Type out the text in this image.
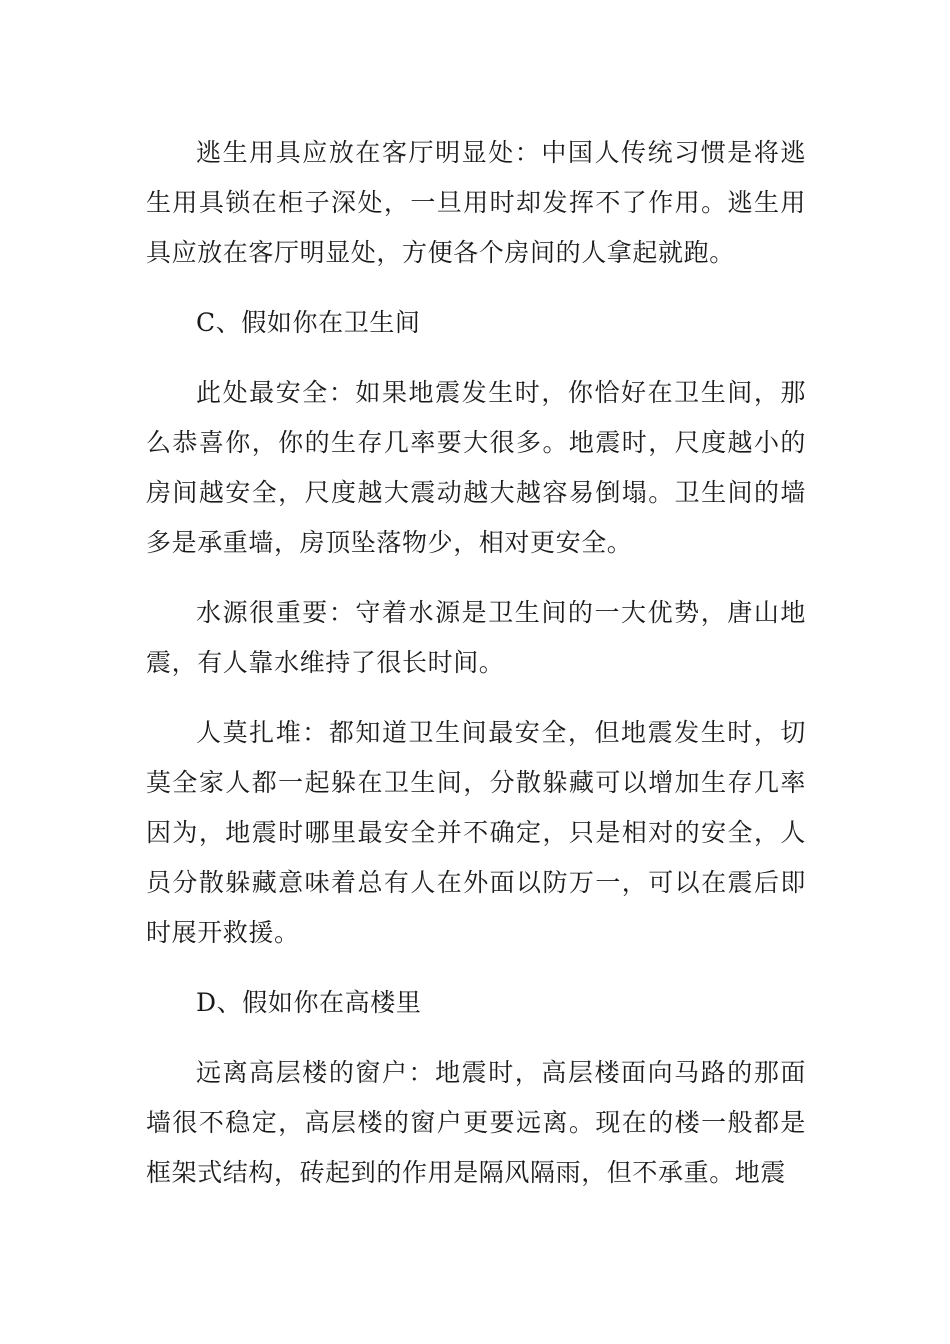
逃生用具应放在客厅明显处：中国人传统习惯是将逃生用具锁在柜子深处，一旦用时却发挥不了作用。逃生用具应放在客厅明显处，方便各个房间的人拿起就跑。

C、假如你在卫生间

此处最安全：如果地震发生时，你恰好在卫生间，那么恭喜你，你的生存几率要大很多。地震时，尺度越小的房间越安全，尺度越大震动越大越容易倒塌。卫生间的墙多是承重墙，房顶坠落物少，相对更安全。

水源很重要：守着水源是卫生间的一大优势，唐山地震，有人靠水维持了很长时间。

人莫扎堆：都知道卫生间最安全，但地震发生时，切莫全家人都一起躲在卫生间，分散躲藏可以增加生存几率因为，地震时哪里最安全并不确定，只是相对的安全，人员分散躲藏意味着总有人在外面以防万一，可以在震后即时展开救援。

D、假如你在高楼里

远离高层楼的窗户：地震时，高层楼面向马路的那面墙很不稳定，高层楼的窗户更要远离。现在的楼一般都是框架式结构，砖起到的作用是隔风隔雨，但不承重。地震
